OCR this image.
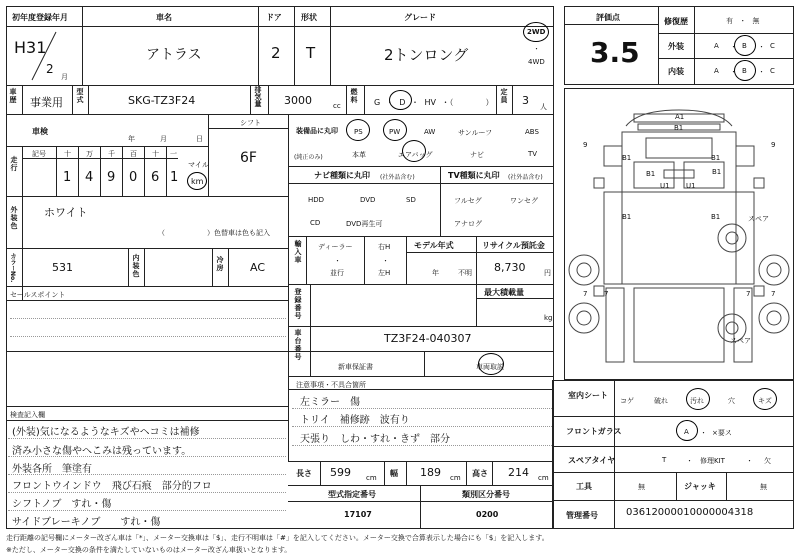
初年度登録年月	車名	ドア 形状	グレード
H31
2
月
アトラス	2 T	2トンロング
2WD
・
4WD
車歴 事業用 型式	SKG-TZ3F24	排気量 3000	cc
燃料 G ・ D ・ HV ・（　　　　） 定員 3 人
車検
年	月	日
シフト
6F
走行
記号	十 万 千 百 十 一
1 4 9 0 6 1
マイル
km
外装色 ホワイト
（　　　　　　）色替車は色も記入
カラーNo.	531	内装色	冷房 AC
セールスポイント
装備品に丸印
(純正のみ)
PS	PW	AW	サンルーフ	ABS
本革	エアバッグ	ナビ	TV
ナビ種類に丸印 (社外品含む)	TV種類に丸印 (社外品含む)
HDD	DVD	SD
CD	DVD再生可
フルセグ	ワンセグ
アナログ
輸入車 ディーラー
・
並行
右H
・
左H
モデル年式
年	不明
リサイクル預託金
8,730	円
登録番号	最大積載量
kg
車台番号	TZ3F24-040307
新車保証書	車両取説
注意事項・不具合箇所
左ミラー　傷
トリイ　補修跡　波有り
天張り　しわ・すれ・きず　部分
検査記入欄
(外装)気になるようなキズやヘコミは補修
済み小さな傷やへこみは残っています。
外装各所　筆塗有
フロントウインドウ　飛び石痕　部分的フロ
シフトノブ　すれ・傷
サイドブレーキノブ　　すれ・傷
長さ 599 cm 幅 189 cm 高さ 214 cm
型式指定番号
17107
類別区分番号
0200
評価点
3.5
修復歴	有 ・ 無
外装	A ・ B ・ C
内装	A ・ B ・ C
A1
B1
B1
U1
B1
U1
B1
B1	B1
B1
9	9
7 7	7	7
スペア
スペア
室内シート
コゲ	破れ	汚れ	穴	キズ
フロントガラス	A ・ ×要ス
スペアタイヤ	T	・ 修理KIT	・ 欠
工具	無	ジャッキ	無
管理番号	03612000010000004318
走行距離の記号欄にメーター改ざん車は「*」、メーター交換車は「$」、走行不明車は「#」を記入してください。メーター交換で合算表示した場合にも「$」を記入します。
※ただし、メーター交換の条件を満たしていないものはメーター改ざん車扱いとなります。
